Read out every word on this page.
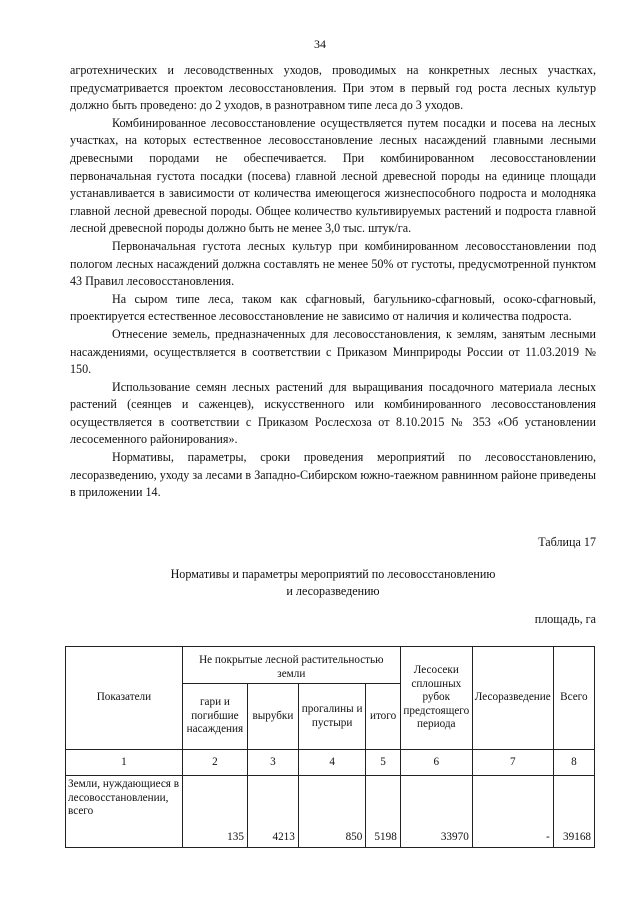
34

агротехнических и лесоводственных уходов, проводимых на конкретных лесных участках, предусматривается проектом лесовосстановления. При этом в первый год роста лесных культур должно быть проведено: до 2 уходов, в разнотравном типе леса до 3 уходов.

Комбинированное лесовосстановление осуществляется путем посадки и посева на лесных участках, на которых естественное лесовосстановление лесных насаждений главными лесными древесными породами не обеспечивается. При комбинированном лесовосстановлении первоначальная густота посадки (посева) главной лесной древесной породы на единице площади устанавливается в зависимости от количества имеющегося жизнеспособного подроста и молодняка главной лесной древесной породы. Общее количество культивируемых растений и подроста главной лесной древесной породы должно быть не менее 3,0 тыс. штук/га.

Первоначальная густота лесных культур при комбинированном лесовосстановлении под пологом лесных насаждений должна составлять не менее 50% от густоты, предусмотренной пунктом 43 Правил лесовосстановления.

На сыром типе леса, таком как сфагновый, багульнико-сфагновый, осоко-сфагновый, проектируется естественное лесовосстановление не зависимо от наличия и количества подроста.

Отнесение земель, предназначенных для лесовосстановления, к землям, занятым лесными насаждениями, осуществляется в соответствии с Приказом Минприроды России от 11.03.2019 № 150.

Использование семян лесных растений для выращивания посадочного материала лесных растений (сеянцев и саженцев), искусственного или комбинированного лесовосстановления осуществляется в соответствии с Приказом Рослесхоза от 8.10.2015 № 353 «Об установлении лесосеменного районирования».

Нормативы, параметры, сроки проведения мероприятий по лесовосстановлению, лесоразведению, уходу за лесами в Западно-Сибирском южно-таежном равнинном районе приведены в приложении 14.

Таблица 17
Нормативы и параметры мероприятий по лесовосстановлению
и лесоразведению
площадь, га
Показатели	Не покрытые лесной растительностью земли				Лесосеки сплошных рубок предстоящего периода	Лесоразведение	Всего
	гари и погибшие насаждения	вырубки	прогалины и пустыри	итого			
1	2	3	4	5	6	7	8
Земли, нуждающиеся в лесовосстановлении, всего	135	4213	850	5198	33970	-	39168
